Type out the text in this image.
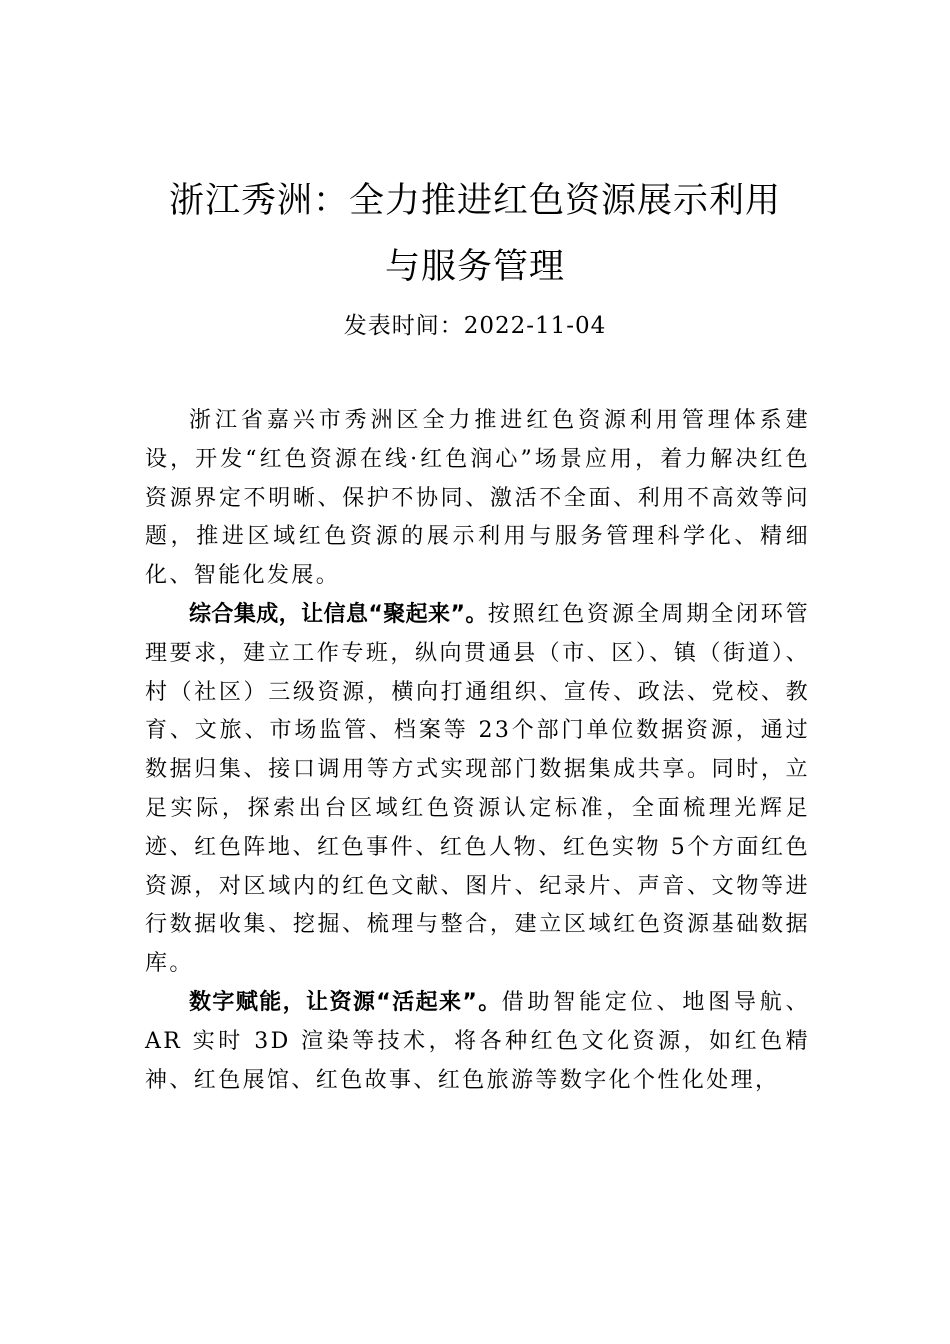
浙江秀洲：全力推进红色资源展示利用
与服务管理
发表时间：2022-11-04

浙江省嘉兴市秀洲区全力推进红色资源利用管理体系建设，开发“红色资源在线·红色润心”场景应用，着力解决红色资源界定不明晰、保护不协同、激活不全面、利用不高效等问题，推进区域红色资源的展示利用与服务管理科学化、精细化、智能化发展。

综合集成，让信息“聚起来”。按照红色资源全周期全闭环管理要求，建立工作专班，纵向贯通县（市、区）、镇（街道）、村（社区）三级资源，横向打通组织、宣传、政法、党校、教育、文旅、市场监管、档案等 23个部门单位数据资源，通过数据归集、接口调用等方式实现部门数据集成共享。同时，立足实际，探索出台区域红色资源认定标准，全面梳理光辉足迹、红色阵地、红色事件、红色人物、红色实物 5个方面红色资源，对区域内的红色文献、图片、纪录片、声音、文物等进行数据收集、挖掘、梳理与整合，建立区域红色资源基础数据库。

数字赋能，让资源“活起来”。借助智能定位、地图导航、AR 实时 3D 渲染等技术，将各种红色文化资源，如红色精神、红色展馆、红色故事、红色旅游等数字化个性化处理，
